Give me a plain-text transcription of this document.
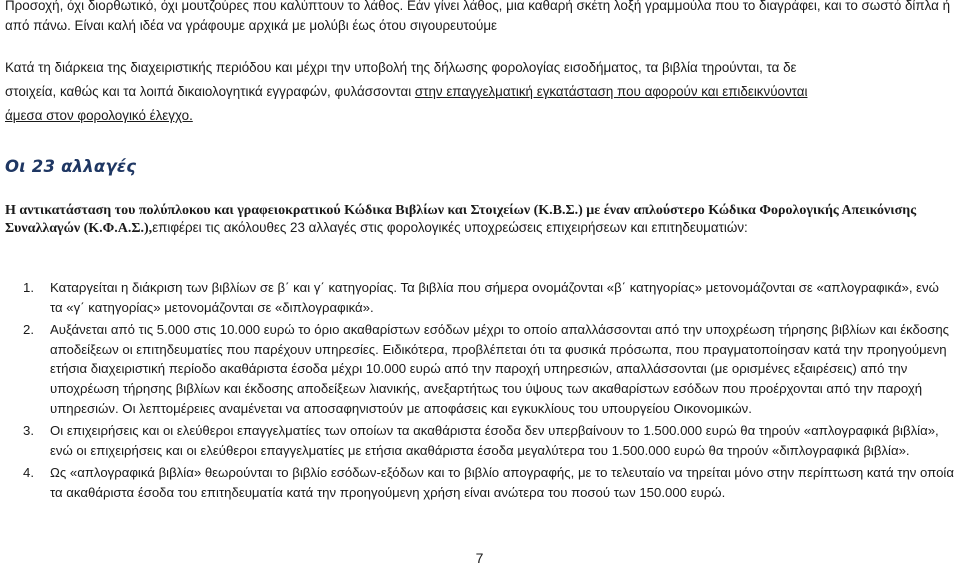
Προσοχή, όχι διορθωτικό, όχι μουτζούρες που καλύπτουν το λάθος. Εάν γίνει λάθος, μια καθαρή σκέτη λοξή γραμμούλα που το διαγράφει, και το σωστό δίπλα ή από πάνω. Είναι καλή ιδέα να γράφουμε αρχικά με μολύβι έως ότου σιγουρευτούμε
Κατά τη διάρκεια της διαχειριστικής περιόδου και μέχρι την υποβολή της δήλωσης φορολογίας εισοδήματος, τα βιβλία τηρούνται, τα δε
στοιχεία, καθώς και τα λοιπά δικαιολογητικά εγγραφών, φυλάσσονται στην επαγγελματική εγκατάσταση που αφορούν και επιδεικνύονται
άμεσα στον φορολογικό έλεγχο.
Οι 23 αλλαγές
Η αντικατάσταση του πολύπλοκου και γραφειοκρατικού Κώδικα Βιβλίων και Στοιχείων (Κ.Β.Σ.) με έναν απλούστερο Κώδικα Φορολογικής Απεικόνισης Συναλλαγών (Κ.Φ.Α.Σ.),επιφέρει τις ακόλουθες 23 αλλαγές στις φορολογικές υποχρεώσεις επιχειρήσεων και επιτηδευματιών:
1. Καταργείται η διάκριση των βιβλίων σε β΄ και γ΄ κατηγορίας. Τα βιβλία που σήμερα ονομάζονται «β΄ κατηγορίας» μετονομάζονται σε «απλογραφικά», ενώ τα «γ΄ κατηγορίας» μετονομάζονται σε «διπλογραφικά».
2. Αυξάνεται από τις 5.000 στις 10.000 ευρώ το όριο ακαθαρίστων εσόδων μέχρι το οποίο απαλλάσσονται από την υποχρέωση τήρησης βιβλίων και έκδοσης αποδείξεων οι επιτηδευματίες που παρέχουν υπηρεσίες. Ειδικότερα, προβλέπεται ότι τα φυσικά πρόσωπα, που πραγματοποίησαν κατά την προηγούμενη ετήσια διαχειριστική περίοδο ακαθάριστα έσοδα μέχρι 10.000 ευρώ από την παροχή υπηρεσιών, απαλλάσσονται (με ορισμένες εξαιρέσεις) από την υποχρέωση τήρησης βιβλίων και έκδοσης αποδείξεων λιανικής, ανεξαρτήτως του ύψους των ακαθαρίστων εσόδων που προέρχονται από την παροχή υπηρεσιών. Οι λεπτομέρειες αναμένεται να αποσαφηνιστούν με αποφάσεις και εγκυκλίους του υπουργείου Οικονομικών.
3. Οι επιχειρήσεις και οι ελεύθεροι επαγγελματίες των οποίων τα ακαθάριστα έσοδα δεν υπερβαίνουν το 1.500.000 ευρώ θα τηρούν «απλογραφικά βιβλία», ενώ οι επιχειρήσεις και οι ελεύθεροι επαγγελματίες με ετήσια ακαθάριστα έσοδα μεγαλύτερα του 1.500.000 ευρώ θα τηρούν «διπλογραφικά βιβλία».
4. Ως «απλογραφικά βιβλία» θεωρούνται το βιβλίο εσόδων-εξόδων και το βιβλίο απογραφής, με το τελευταίο να τηρείται μόνο στην περίπτωση κατά την οποία τα ακαθάριστα έσοδα του επιτηδευματία κατά την προηγούμενη χρήση είναι ανώτερα του ποσού των 150.000 ευρώ.
7
